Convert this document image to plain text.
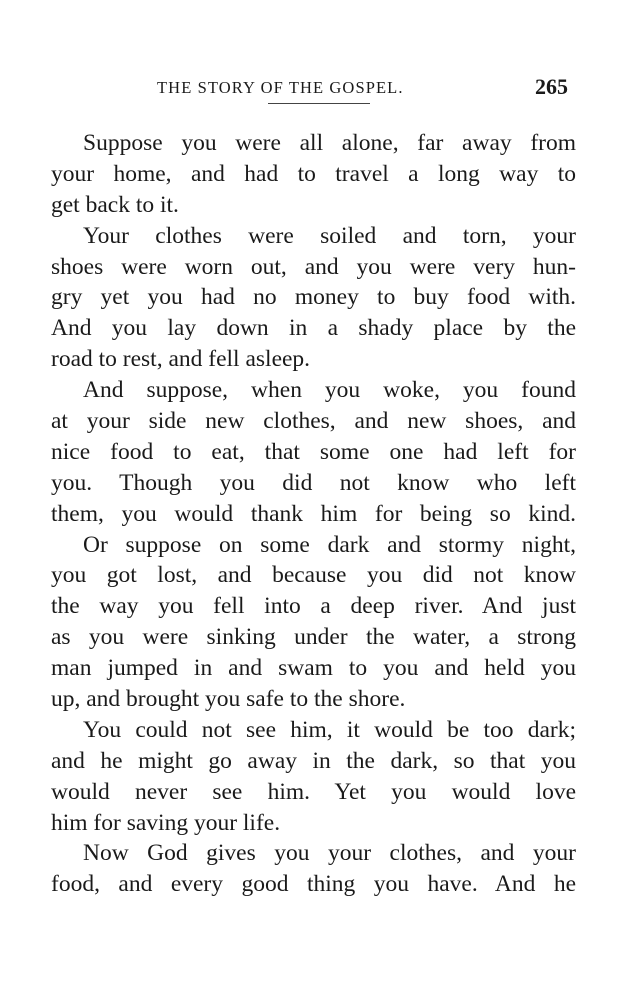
THE STORY OF THE GOSPEL.	265
Suppose you were all alone, far away from
your home, and had to travel a long way to
get back to it.
Your clothes were soiled and torn, your
shoes were worn out, and you were very hun-
gry yet you had no money to buy food with.
And you lay down in a shady place by the
road to rest, and fell asleep.
And suppose, when you woke, you found
at your side new clothes, and new shoes, and
nice food to eat, that some one had left for
you. Though you did not know who left
them, you would thank him for being so kind.
Or suppose on some dark and stormy night,
you got lost, and because you did not know
the way you fell into a deep river. And just
as you were sinking under the water, a strong
man jumped in and swam to you and held you
up, and brought you safe to the shore.
You could not see him, it would be too dark;
and he might go away in the dark, so that you
would never see him. Yet you would love
him for saving your life.
Now God gives you your clothes, and your
food, and every good thing you have. And he
